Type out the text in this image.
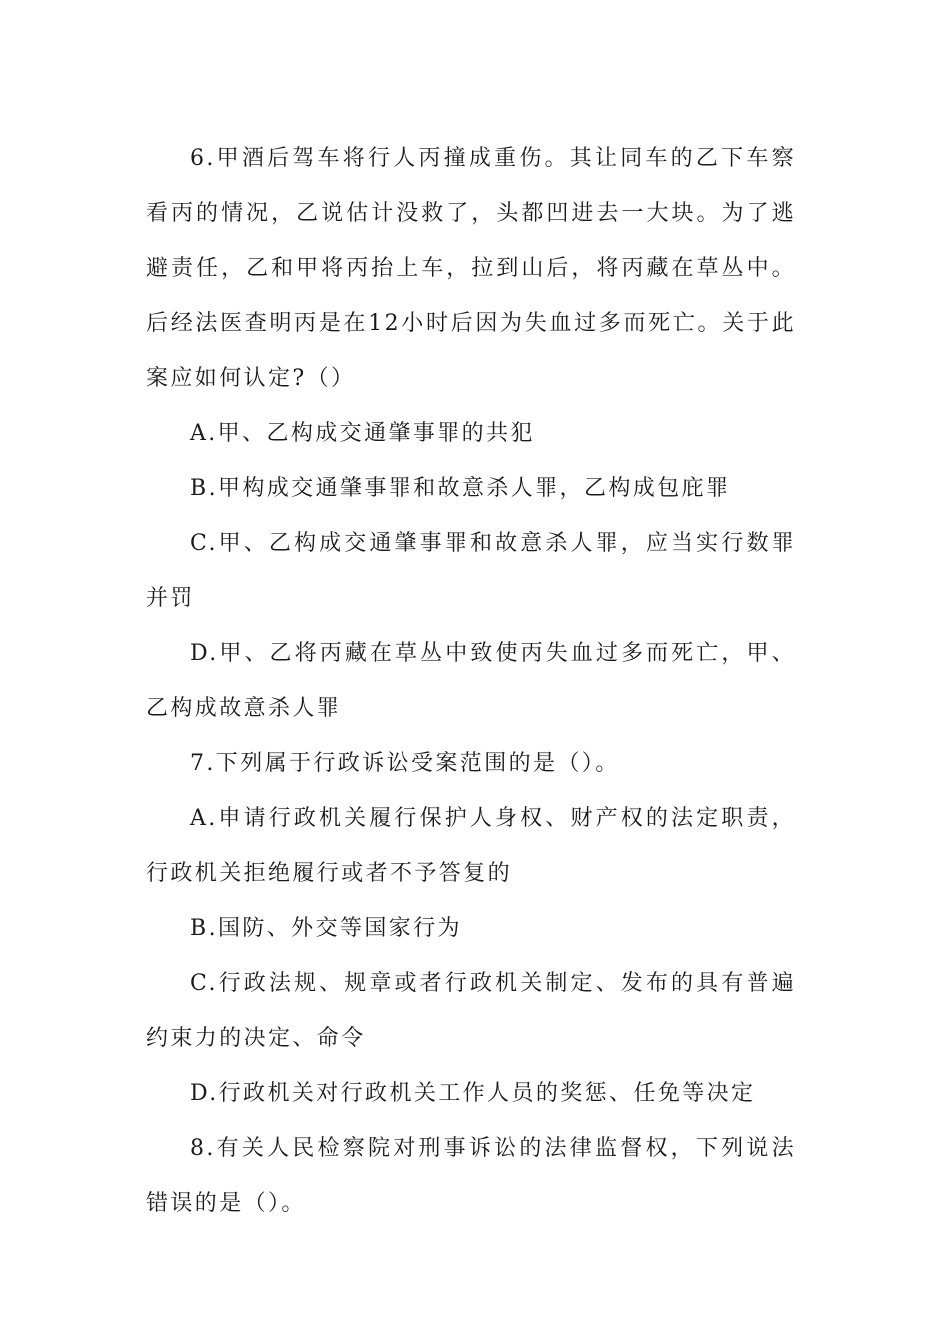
6.甲酒后驾车将行人丙撞成重伤。其让同车的乙下车察看丙的情况，乙说估计没救了，头都凹进去一大块。为了逃避责任，乙和甲将丙抬上车，拉到山后，将丙藏在草丛中。后经法医查明丙是在12小时后因为失血过多而死亡。关于此案应如何认定?（）

A.甲、乙构成交通肇事罪的共犯

B.甲构成交通肇事罪和故意杀人罪，乙构成包庇罪

C.甲、乙构成交通肇事罪和故意杀人罪，应当实行数罪并罚

D.甲、乙将丙藏在草丛中致使丙失血过多而死亡，甲、乙构成故意杀人罪

7.下列属于行政诉讼受案范围的是（）。

A.申请行政机关履行保护人身权、财产权的法定职责，行政机关拒绝履行或者不予答复的

B.国防、外交等国家行为

C.行政法规、规章或者行政机关制定、发布的具有普遍约束力的决定、命令

D.行政机关对行政机关工作人员的奖惩、任免等决定

8.有关人民检察院对刑事诉讼的法律监督权，下列说法错误的是（）。
